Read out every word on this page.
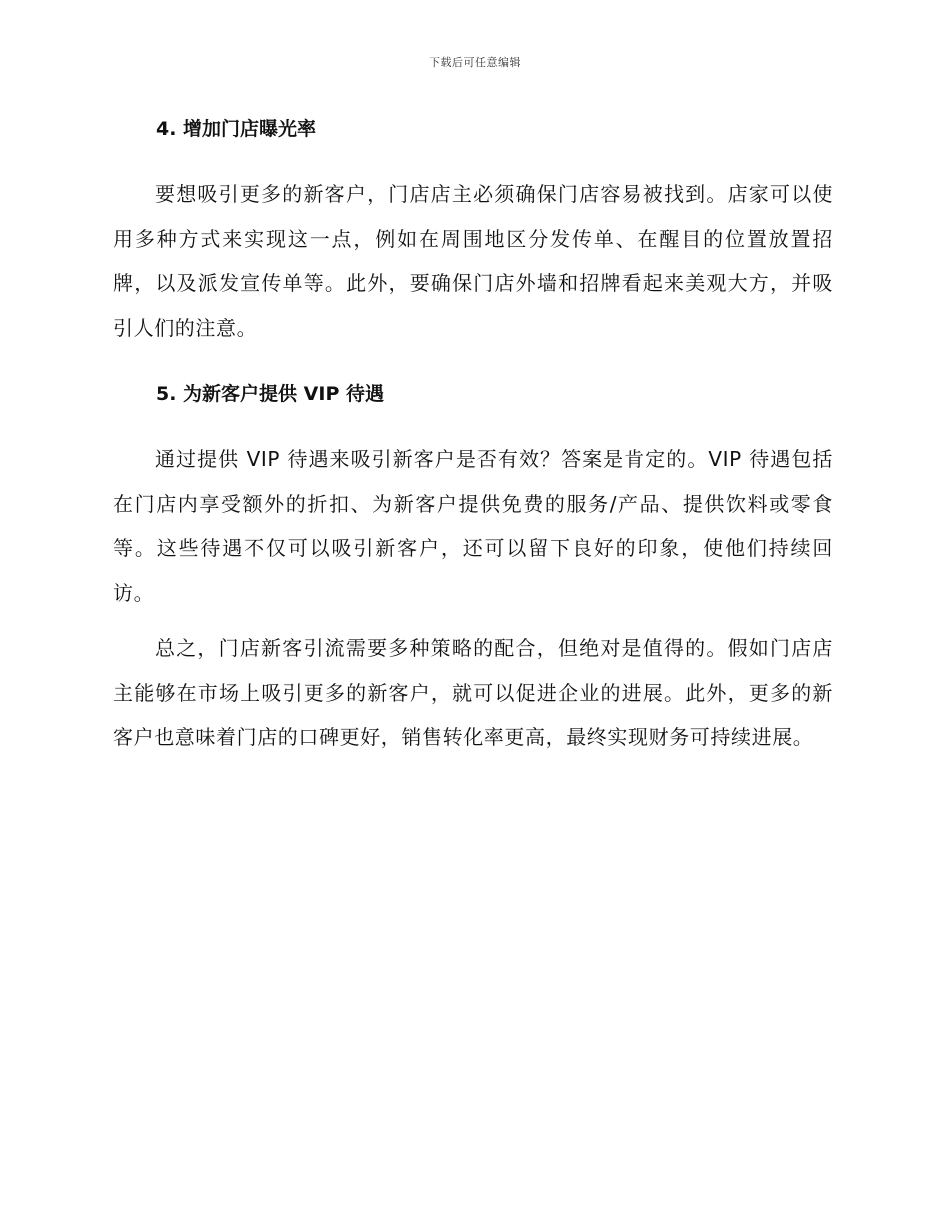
下载后可任意编辑
4. 增加门店曝光率

要想吸引更多的新客户，门店店主必须确保门店容易被找到。店家可以使用多种方式来实现这一点，例如在周围地区分发传单、在醒目的位置放置招牌，以及派发宣传单等。此外，要确保门店外墙和招牌看起来美观大方，并吸引人们的注意。

5. 为新客户提供 VIP 待遇

通过提供 VIP 待遇来吸引新客户是否有效？答案是肯定的。VIP 待遇包括在门店内享受额外的折扣、为新客户提供免费的服务/产品、提供饮料或零食等。这些待遇不仅可以吸引新客户，还可以留下良好的印象，使他们持续回访。

总之，门店新客引流需要多种策略的配合，但绝对是值得的。假如门店店主能够在市场上吸引更多的新客户，就可以促进企业的进展。此外，更多的新客户也意味着门店的口碑更好，销售转化率更高，最终实现财务可持续进展。
